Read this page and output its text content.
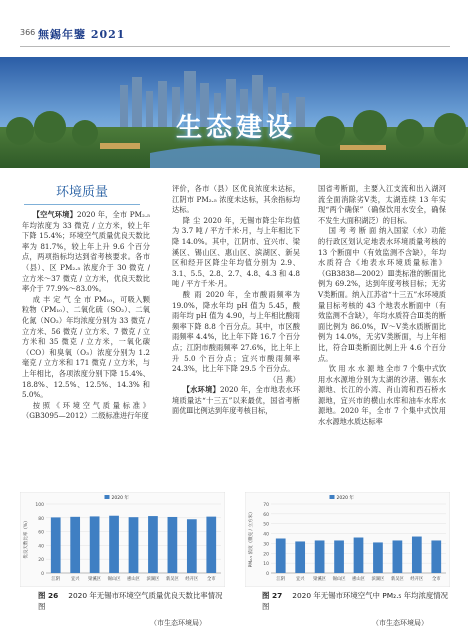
366 無錫年鑒 2021
生态建设
环境质量

【空气环境】2020 年，全市 PM₂.₅ 年均浓度为 33 微克 / 立方米，较上年下降 15.4%；环境空气质量优良天数比率为 81.7%，较上年上升 9.6 个百分点，两项指标均达到省考核要求。各市（县）、区 PM₂.₅ 浓度介于 30 微克 / 立方米～37 微克 / 立方米，优良天数比率介于 77.9%～83.0%。

成 丰 定 气 全 市 PM₁₀，可吸入颗粒物（PM₁₀）、二氧化硫（SO₂）、二氧化氮（NO₂）年均浓度分别为 33 微克 / 立方米、56 微克 / 立方米、7 微克 / 立方米和 35 微克 / 立方米，一氧化碳（CO）和臭氧（O₃）浓度分别为 1.2 毫克 / 立方米和 171 微克 / 立方米，与上年相比，各项浓度分别下降 15.4%、18.8%、12.5%、12.5%、14.3% 和 5.0%。

按照《环境空气质量标准》（GB3095—2012）二级标准进行年度

评价，各市（县）区优良浓度未达标，江阴市 PM₂.₅ 浓度未达标，其余指标均达标。

降 尘 2020 年，无锡市降尘年均值为 3.7 吨 / 平方千米·月，与上年相比下降 14.0%。其中，江阴市、宜兴市、梁溪区、锡山区、惠山区、滨湖区、新吴区和经开区降尘年均值分别为 2.9、3.1、5.5、2.8、2.7、4.8、4.3 和 4.8 吨 / 平方千米·月。

酸 雨 2020 年，全市酸雨频率为 19.0%，降水年均 pH 值为 5.45，酸雨年均 pH 值为 4.90，与上年相比酸雨频率下降 8.8 个百分点。其中，市区酸雨频率 4.4%，比上年下降 16.7 个百分点；江阴市酸雨频率 27.6%，比上年上升 5.0 个百分点；宜兴市酸雨频率 24.3%，比上年下降 29.5 个百分点。

（吕 燕）

【水环境】2020 年，全市地表水环境质量达“十三五”以来最优，国省考断面优Ⅲ比例达到年度考核目标，

国省考断面，主要入江支流和出入湖河流全面消除劣Ⅴ类，太湖连续 13 年实现“两个确保”（确保饮用水安全，确保不发生大面积湖泛）的目标。

国 考 考 断 面 纳入国家（水）功能的行政区划认定地表水环境质量考核的 13 个断面中（有效监测不含缺），年均水质符合《地表水环境质量标准》（GB3838—2002）Ⅲ类标准的断面比例为 69.2%，达到年度考核目标；无劣Ⅴ类断面。纳入江苏省“十三五”水环境质量目标考核的 43 个地表水断面中（有效监测不含缺），年均水质符合Ⅲ类的断面比例为 86.0%，Ⅳ～Ⅴ类水质断面比例为 14.0%，无劣Ⅴ类断面，与上年相比，符合Ⅲ类断面比例上升 4.6 个百分点。

饮 用 水 水 源 地 全市 7 个集中式饮用水水源地分别为太湖的沙渚、锡东水源地、长江的小湾、肖山湾和西石桥水源地，宜兴市的横山水库和油车水库水源地。2020 年，全市 7 个集中式饮用水水源地水质达标率

0
20
40
60
80
100
优良天数比率（%）
2020 年
江阴	宜兴 梁溪区 锡山区 惠山区 滨湖区 新吴区 经开区 全市
0
10
20
30
40
50
60
70
PM₂.₅ 浓度（微克 / 立方米）
2020 年
江阴	宜兴 梁溪区 锡山区 惠山区 滨湖区 新吴区 经开区 全市
图 26 2020 年无锡市环境空气质量优良天数比率情况图
（市生态环境局）
图 27 2020 年无锡市环境空气中 PM₂.₅ 年均浓度情况图
（市生态环境局）
